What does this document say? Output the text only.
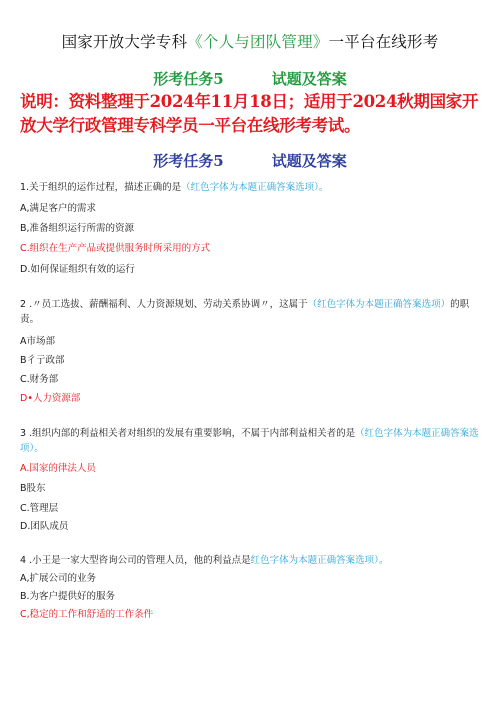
国家开放大学专科《个人与团队管理》一平台在线形考
形考任务5	试题及答案
说明：资料整理于2024年11月18日；适用于2024秋期国家开放大学行政管理专科学员一平台在线形考考试。
形考任务5	试题及答案
1.关于组织的运作过程，描述正确的是（红色字体为本题正确答案选项）。
A,满足客户的需求
B,准备组织运行所需的资源
C.组织在生产产品或提供服务时所采用的方式
D.如何保证组织有效的运行
2 .〃员工选拔、薪酬福利、人力资源规划、劳动关系协调〃，这属于（红色字体为本题正确答案选项）的职责。
A市场部
B彳亍政部
C.财务部
D•人力资源部
3 .组织内部的利益相关者对组织的发展有重要影响，不属于内部利益相关者的是（红色字体为本题正确答案选项）。
A.国家的律法人员
B股东
C.管理层
D.团队成员
4 .小王是一家大型咨询公司的管理人员，他的利益点是红色字体为本题正确答案选项）。
A,扩展公司的业务
B.为客户提供好的服务
C,稳定的工作和舒适的工作条件
